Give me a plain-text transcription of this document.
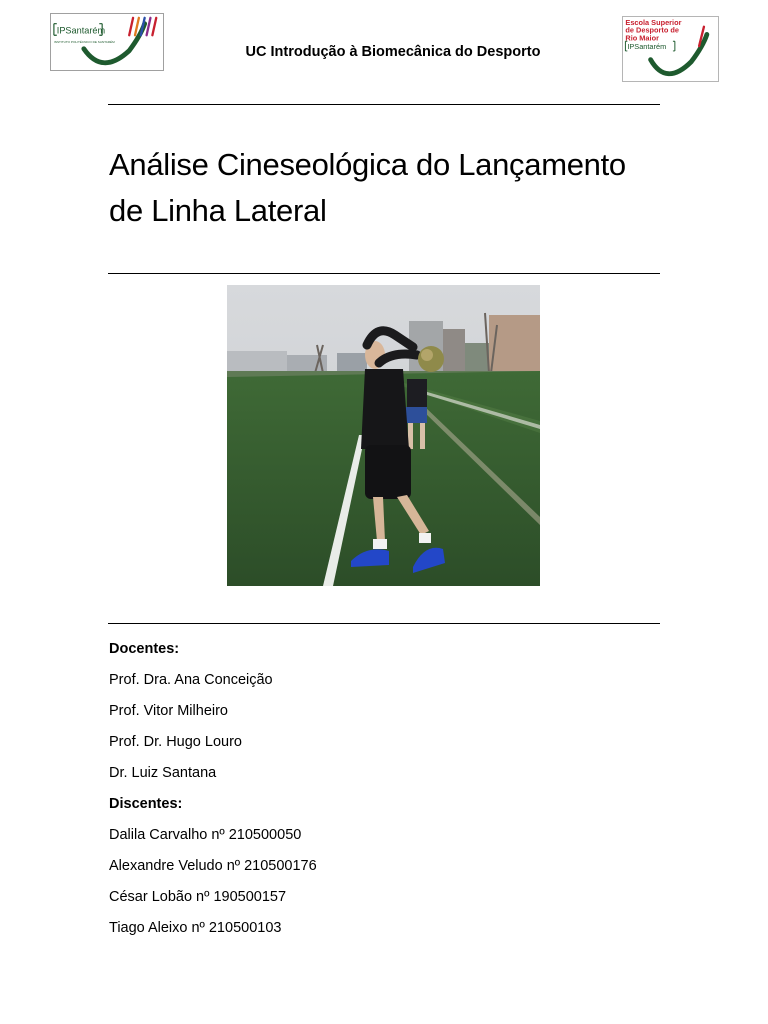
IPSantarém
INSTITUTO POLITÉCNICO DE SANTARÉM
UC Introdução à Biomecânica do Desporto
Escola Superior
de Desporto de
Rio Maior
IPSantarém
Análise Cineseológica do Lançamento
de Linha Lateral
Docentes:
Prof. Dra. Ana Conceição
Prof. Vitor Milheiro
Prof. Dr. Hugo Louro
Dr. Luiz Santana
Discentes:
Dalila Carvalho nº 210500050
Alexandre Veludo nº 210500176
César Lobão nº 190500157
Tiago Aleixo nº 210500103
